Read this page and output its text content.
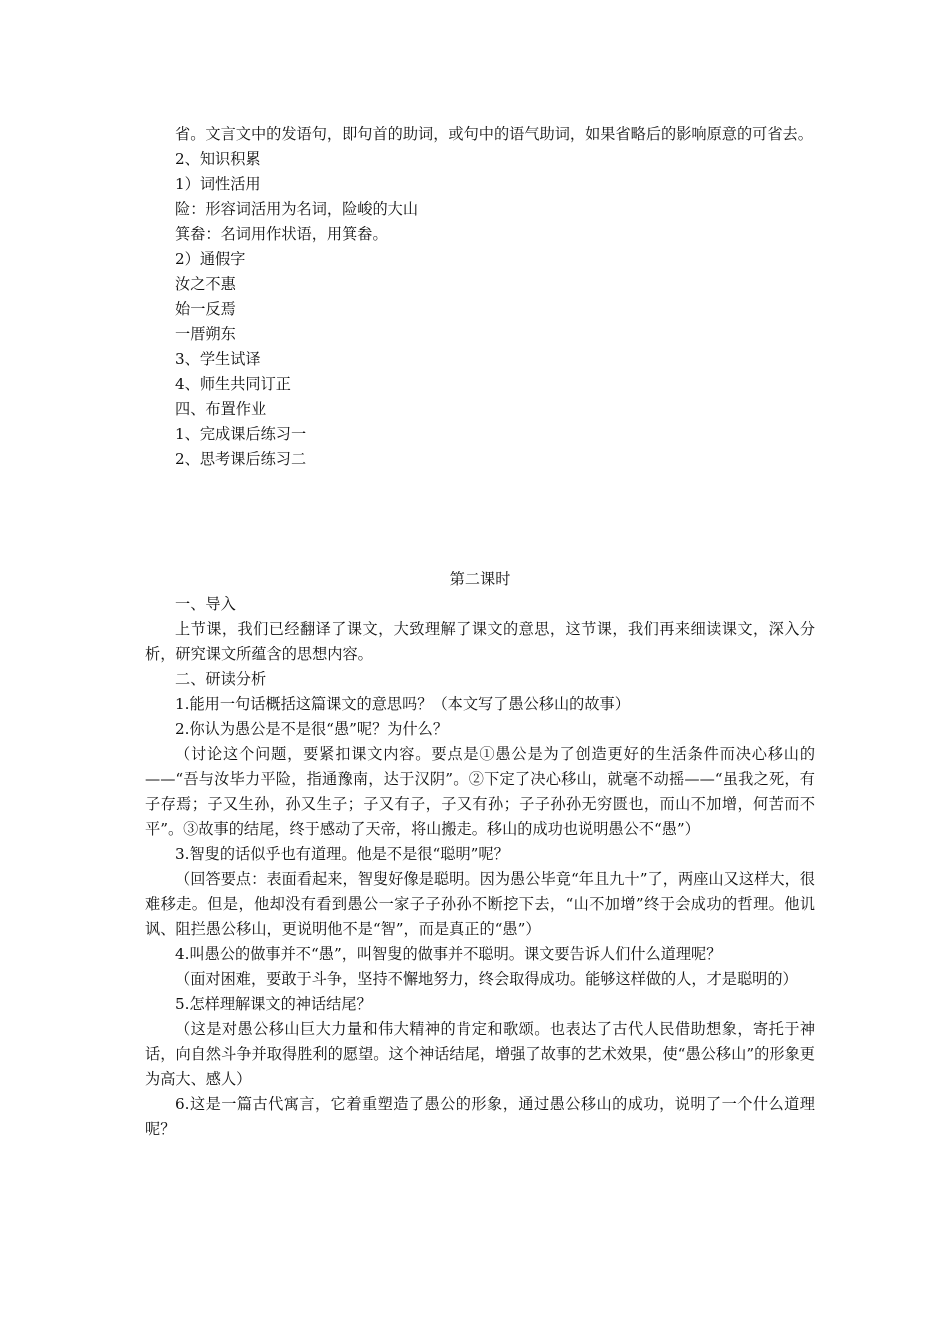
省。文言文中的发语句，即句首的助词，或句中的语气助词，如果省略后的影响原意的可省去。

2、知识积累

1）词性活用

险：形容词活用为名词，险峻的大山

箕畚：名词用作状语，用箕畚。

2）通假字

汝之不惠

始一反焉

一厝朔东

3、学生试译

4、师生共同订正

四、布置作业

1、完成课后练习一

2、思考课后练习二

第二课时

一、导入

上节课，我们已经翻译了课文，大致理解了课文的意思，这节课，我们再来细读课文，深入分析，研究课文所蕴含的思想内容。

二、研读分析

1.能用一句话概括这篇课文的意思吗？（本文写了愚公移山的故事）

2.你认为愚公是不是很“愚”呢？为什么？

（讨论这个问题，要紧扣课文内容。要点是①愚公是为了创造更好的生活条件而决心移山的——“吾与汝毕力平险，指通豫南，达于汉阴”。②下定了决心移山，就毫不动摇——“虽我之死，有子存焉；子又生孙，孙又生子；子又有子，子又有孙；子子孙孙无穷匮也，而山不加增，何苦而不平”。③故事的结尾，终于感动了天帝，将山搬走。移山的成功也说明愚公不“愚”）

3.智叟的话似乎也有道理。他是不是很“聪明”呢？

（回答要点：表面看起来，智叟好像是聪明。因为愚公毕竟“年且九十”了，两座山又这样大，很难移走。但是，他却没有看到愚公一家子子孙孙不断挖下去，“山不加增”终于会成功的哲理。他讥讽、阻拦愚公移山，更说明他不是“智”，而是真正的“愚”）

4.叫愚公的做事并不“愚”，叫智叟的做事并不聪明。课文要告诉人们什么道理呢？

（面对困难，要敢于斗争，坚持不懈地努力，终会取得成功。能够这样做的人，才是聪明的）

5.怎样理解课文的神话结尾？

（这是对愚公移山巨大力量和伟大精神的肯定和歌颂。也表达了古代人民借助想象，寄托于神话，向自然斗争并取得胜利的愿望。这个神话结尾，增强了故事的艺术效果，使“愚公移山”的形象更为高大、感人）

6.这是一篇古代寓言，它着重塑造了愚公的形象，通过愚公移山的成功，说明了一个什么道理呢？
